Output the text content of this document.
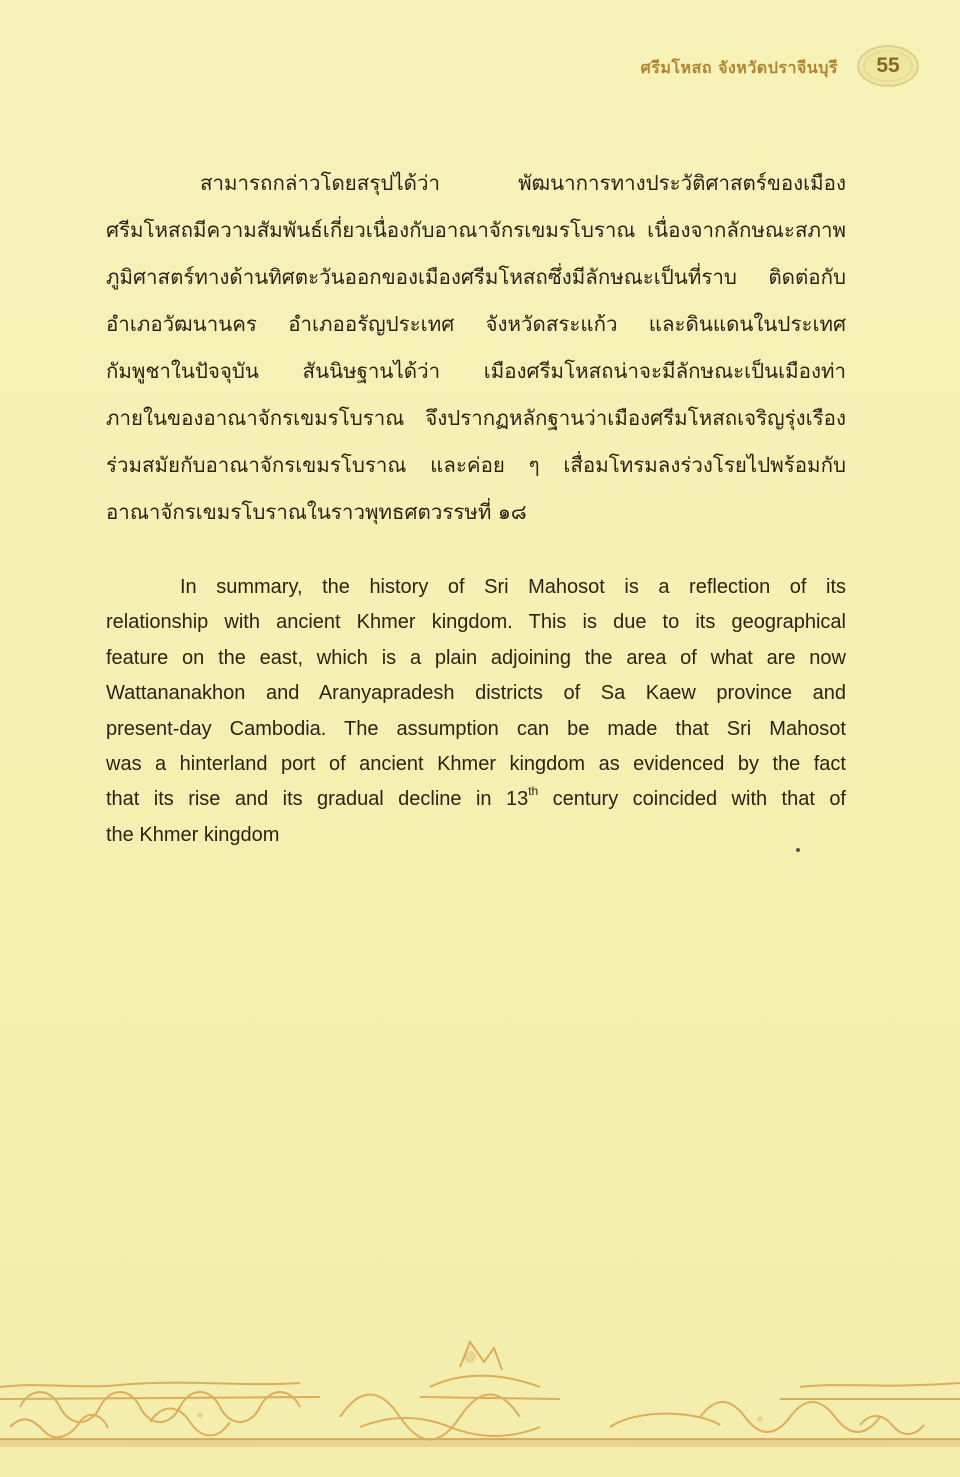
ศรีมโหสถ จังหวัดปราจีนบุรี 55
สามารถกล่าวโดยสรุปได้ว่า พัฒนาการทางประวัติศาสตร์ของเมือง
ศรีมโหสถมีความสัมพันธ์เกี่ยวเนื่องกับอาณาจักรเขมรโบราณ เนื่องจากลักษณะสภาพ
ภูมิศาสตร์ทางด้านทิศตะวันออกของเมืองศรีมโหสถซึ่งมีลักษณะเป็นที่ราบ ติดต่อกับ
อำเภอวัฒนานคร อำเภออรัญประเทศ จังหวัดสระแก้ว และดินแดนในประเทศ
กัมพูชาในปัจจุบัน สันนิษฐานได้ว่า เมืองศรีมโหสถน่าจะมีลักษณะเป็นเมืองท่า
ภายในของอาณาจักรเขมรโบราณ จึงปรากฏหลักฐานว่าเมืองศรีมโหสถเจริญรุ่งเรือง
ร่วมสมัยกับอาณาจักรเขมรโบราณ และค่อย ๆ เสื่อมโทรมลงร่วงโรยไปพร้อมกับ
อาณาจักรเขมรโบราณในราวพุทธศตวรรษที่ ๑๘
In summary, the history of Sri Mahosot is a reflection of its
relationship with ancient Khmer kingdom. This is due to its geographical
feature on the east, which is a plain adjoining the area of what are now
Wattananakhon and Aranyapradesh districts of Sa Kaew province and
present-day Cambodia. The assumption can be made that Sri Mahosot
was a hinterland port of ancient Khmer kingdom as evidenced by the fact
that its rise and its gradual decline in 13th century coincided with that of
the Khmer kingdom
